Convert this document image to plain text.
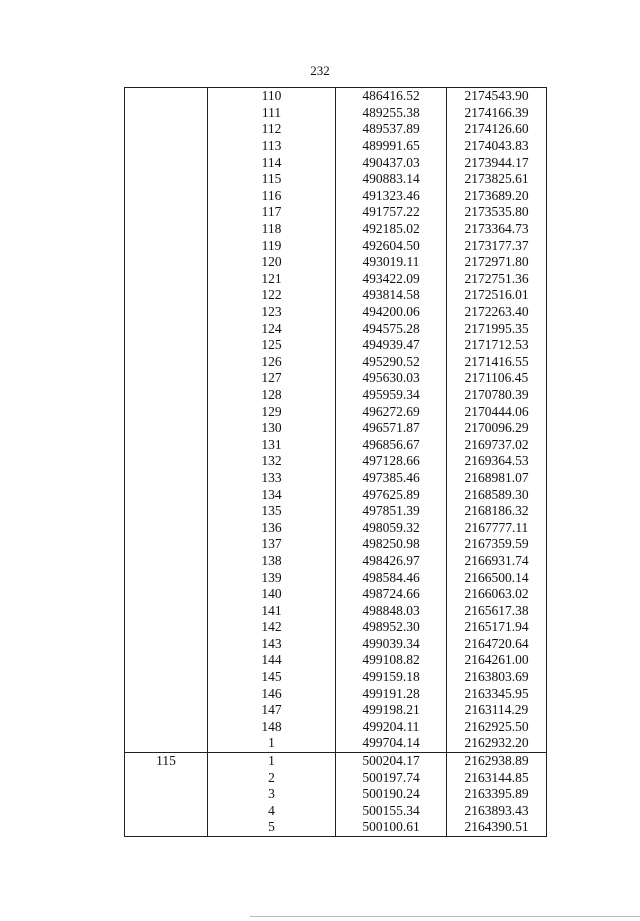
232
	110	486416.52	2174543.90
	111	489255.38	2174166.39
	112	489537.89	2174126.60
	113	489991.65	2174043.83
	114	490437.03	2173944.17
	115	490883.14	2173825.61
	116	491323.46	2173689.20
	117	491757.22	2173535.80
	118	492185.02	2173364.73
	119	492604.50	2173177.37
	120	493019.11	2172971.80
	121	493422.09	2172751.36
	122	493814.58	2172516.01
	123	494200.06	2172263.40
	124	494575.28	2171995.35
	125	494939.47	2171712.53
	126	495290.52	2171416.55
	127	495630.03	2171106.45
	128	495959.34	2170780.39
	129	496272.69	2170444.06
	130	496571.87	2170096.29
	131	496856.67	2169737.02
	132	497128.66	2169364.53
	133	497385.46	2168981.07
	134	497625.89	2168589.30
	135	497851.39	2168186.32
	136	498059.32	2167777.11
	137	498250.98	2167359.59
	138	498426.97	2166931.74
	139	498584.46	2166500.14
	140	498724.66	2166063.02
	141	498848.03	2165617.38
	142	498952.30	2165171.94
	143	499039.34	2164720.64
	144	499108.82	2164261.00
	145	499159.18	2163803.69
	146	499191.28	2163345.95
	147	499198.21	2163114.29
	148	499204.11	2162925.50
	1	499704.14	2162932.20
115	1	500204.17	2162938.89
	2	500197.74	2163144.85
	3	500190.24	2163395.89
	4	500155.34	2163893.43
	5	500100.61	2164390.51
